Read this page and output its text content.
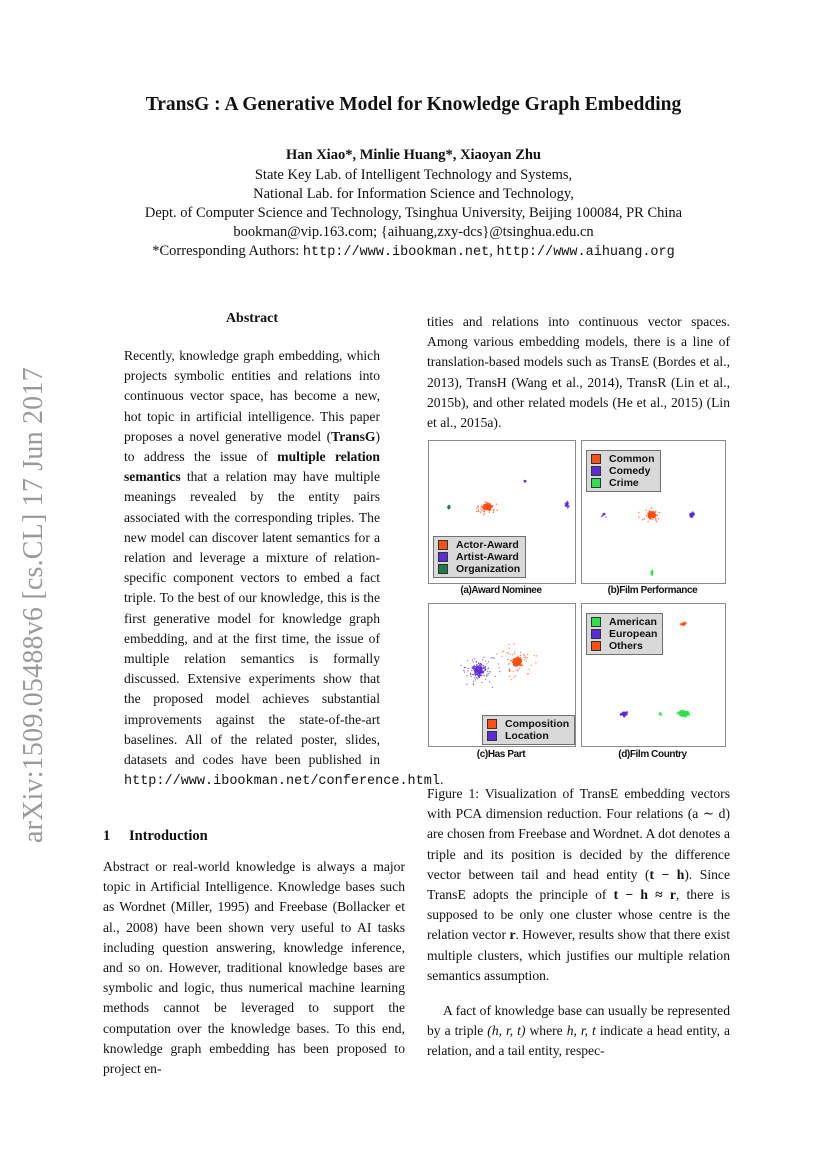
arXiv:1509.05488v6 [cs.CL] 17 Jun 2017
TransG : A Generative Model for Knowledge Graph Embedding
Han Xiao*, Minlie Huang*, Xiaoyan Zhu
State Key Lab. of Intelligent Technology and Systems,
National Lab. for Information Science and Technology,
Dept. of Computer Science and Technology, Tsinghua University, Beijing 100084, PR China
bookman@vip.163.com; {aihuang,zxy-dcs}@tsinghua.edu.cn
*Corresponding Authors: http://www.ibookman.net, http://www.aihuang.org
Abstract

Recently, knowledge graph embedding, which projects symbolic entities and relations into continuous vector space, has become a new, hot topic in artificial intelligence. This paper proposes a novel generative model (TransG) to address the issue of multiple relation semantics that a relation may have multiple meanings revealed by the entity pairs associated with the corresponding triples. The new model can discover latent semantics for a relation and leverage a mixture of relation-specific component vectors to embed a fact triple. To the best of our knowledge, this is the first generative model for knowledge graph embedding, and at the first time, the issue of multiple relation semantics is formally discussed. Extensive experiments show that the proposed model achieves substantial improvements against the state-of-the-art baselines. All of the related poster, slides, datasets and codes have been published in http://www.ibookman.net/conference.html.

1 Introduction
Abstract or real-world knowledge is always a major topic in Artificial Intelligence. Knowledge bases such as Wordnet (Miller, 1995) and Freebase (Bollacker et al., 2008) have been shown very useful to AI tasks including question answering, knowledge inference, and so on. However, traditional knowledge bases are symbolic and logic, thus numerical machine learning methods cannot be leveraged to support the computation over the knowledge bases. To this end, knowledge graph embedding has been proposed to project en-
tities and relations into continuous vector spaces. Among various embedding models, there is a line of translation-based models such as TransE (Bordes et al., 2013), TransH (Wang et al., 2014), TransR (Lin et al., 2015b), and other related models (He et al., 2015) (Lin et al., 2015a).
Actor-Award
Artist-Award
Organization
(a)Award Nominee
Common
Comedy
Crime
(b)Film Performance
Composition
Location
(c)Has Part
American
European
Others
(d)Film Country

Figure 1: Visualization of TransE embedding vectors with PCA dimension reduction. Four relations (a ∼ d) are chosen from Freebase and Wordnet. A dot denotes a triple and its position is decided by the difference vector between tail and head entity (t − h). Since TransE adopts the principle of t − h ≈ r, there is supposed to be only one cluster whose centre is the relation vector r. However, results show that there exist multiple clusters, which justifies our multiple relation semantics assumption.

A fact of knowledge base can usually be represented by a triple (h, r, t) where h, r, t indicate a head entity, a relation, and a tail entity, respec-
